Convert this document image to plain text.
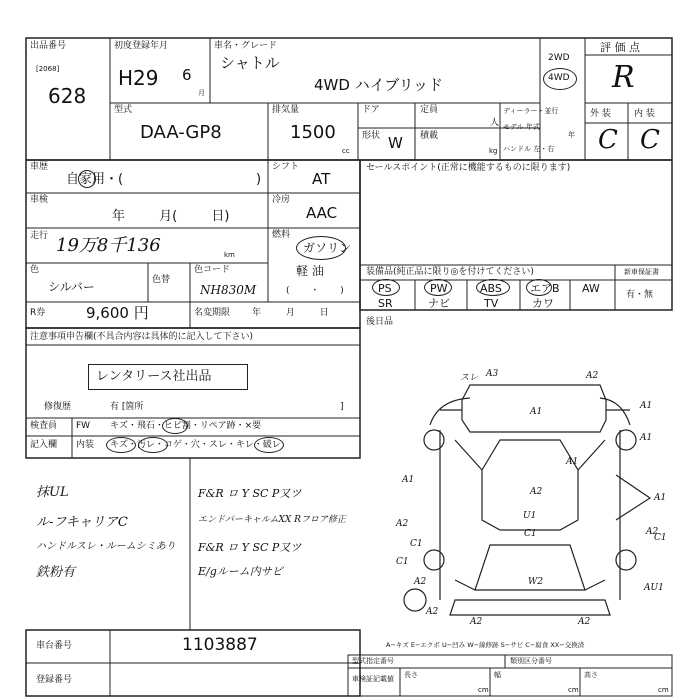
出品番号
[2068]
628
初度登録年月
H29 6
月
車名・グレード
シャトル
4WD ハイブリッド
2WD
4WD
評 価 点
R
外 装	内 装
C C
型式
DAA-GP8
排気量
1500
cc
ドア
形状 W
定員
人
積載
kg
ディーラー・並行
モデル 年式
年
ハンドル 左・右
車歴
自家用・(	)
シフト
AT
車検
年 月( 日)
冷房
AAC
走行 19万8千136	km
燃料
ガソリン
軽 油
( ・ )
色
シルバー	色替
色コード
NH830M
R券	9,600 円	名変期限 年 月 日
セールスポイント(正常に機能するものに限ります)
装備品(純正品に限り◎を付けてください)	新車保証書
有・無
PS	PW	ABS	エアB AW
SR	ナビ	TV	カワ
後日品
注意事項申告欄(不具合内容は具体的に記入して下さい)
レンタリース社出品
修復歴	有 [箇所	]
検査員
記入欄
FW キズ・飛石・ヒビ割・リペア跡・×要
内装 キズ・汚レ・コゲ・穴・スレ・キレ・破レ
抹UL
ル-フキャリアC
ハンドルスレ・ルームシミあり
鉄粉有
F&R ロ Y SC P又ツ
エンドパーキャルムXX Rフロア修正
F&R ロ Y SC P又ツ
E/gルーム内サビ
スレ A3	A2
A1
A1
A1
A1
A1
A1
A2
U1
A2
C1
C1
C1
W2
A2
AU1
A2
A2	A2
A2
C1
A−キズ E−エクボ U−凹み W−線修跡 S−サビ C−腐食 XX−交換済
車台番号	1103887
登録番号
型式指定番号	類別区分番号
車検証記載値 長さ	幅	高さ
cm	cm	cm
